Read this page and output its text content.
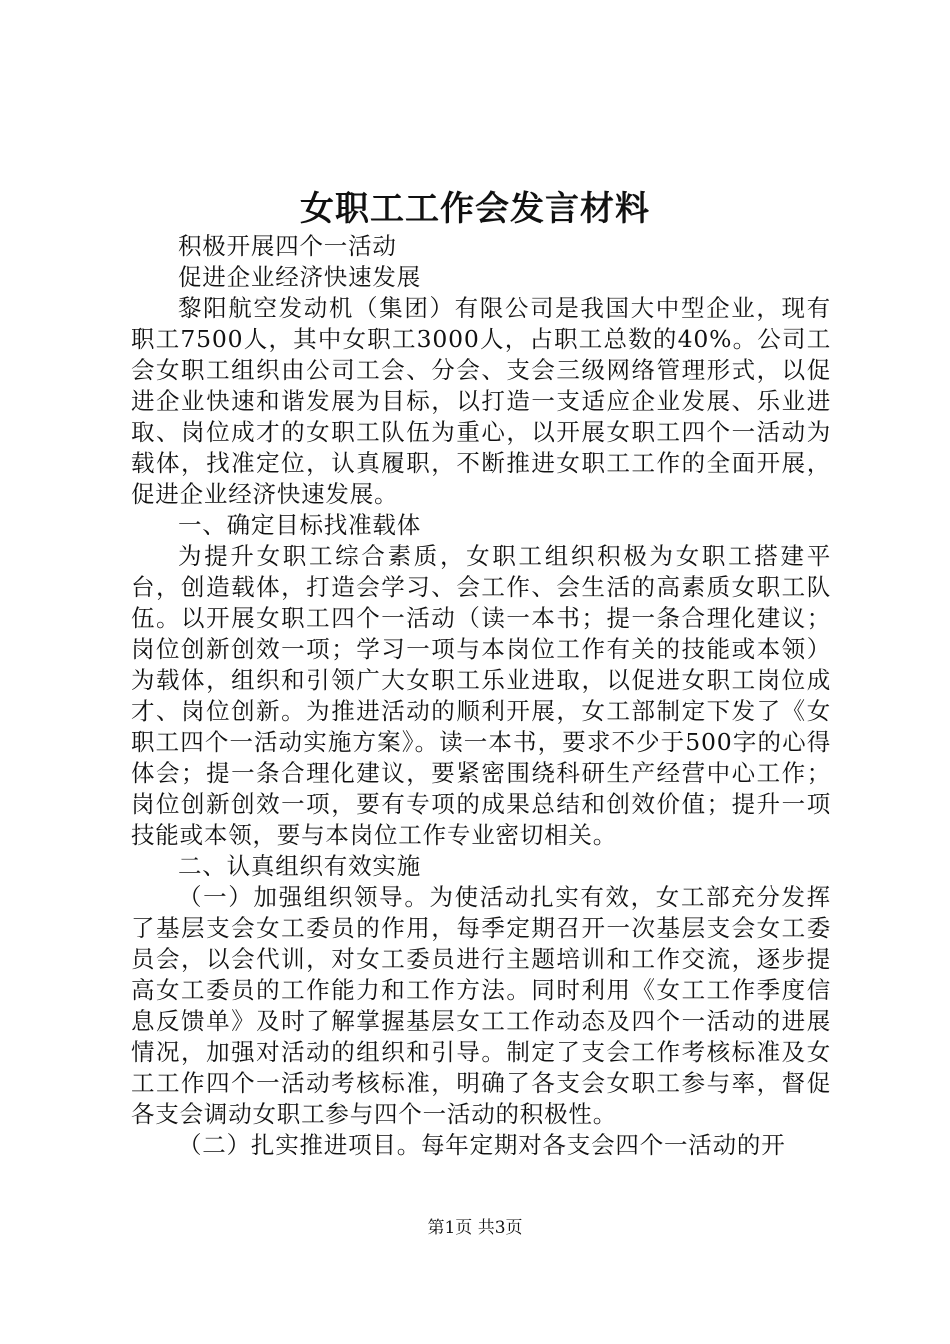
女职工工作会发言材料

积极开展四个一活动

促进企业经济快速发展

黎阳航空发动机（集团）有限公司是我国大中型企业，现有职工7500人，其中女职工3000人，占职工总数的40%。公司工会女职工组织由公司工会、分会、支会三级网络管理形式，以促进企业快速和谐发展为目标，以打造一支适应企业发展、乐业进取、岗位成才的女职工队伍为重心，以开展女职工四个一活动为载体，找准定位，认真履职，不断推进女职工工作的全面开展，促进企业经济快速发展。

一、确定目标找准载体

为提升女职工综合素质，女职工组织积极为女职工搭建平台，创造载体，打造会学习、会工作、会生活的高素质女职工队伍。以开展女职工四个一活动（读一本书；提一条合理化建议；岗位创新创效一项；学习一项与本岗位工作有关的技能或本领）为载体，组织和引领广大女职工乐业进取，以促进女职工岗位成才、岗位创新。为推进活动的顺利开展，女工部制定下发了《女职工四个一活动实施方案》。读一本书，要求不少于500字的心得体会；提一条合理化建议，要紧密围绕科研生产经营中心工作；岗位创新创效一项，要有专项的成果总结和创效价值；提升一项技能或本领，要与本岗位工作专业密切相关。

二、认真组织有效实施

（一）加强组织领导。为使活动扎实有效，女工部充分发挥了基层支会女工委员的作用，每季定期召开一次基层支会女工委员会，以会代训，对女工委员进行主题培训和工作交流，逐步提高女工委员的工作能力和工作方法。同时利用《女工工作季度信息反馈单》及时了解掌握基层女工工作动态及四个一活动的进展情况，加强对活动的组织和引导。制定了支会工作考核标准及女工工作四个一活动考核标准，明确了各支会女职工参与率，督促各支会调动女职工参与四个一活动的积极性。

（二）扎实推进项目。每年定期对各支会四个一活动的开

第1页 共3页
